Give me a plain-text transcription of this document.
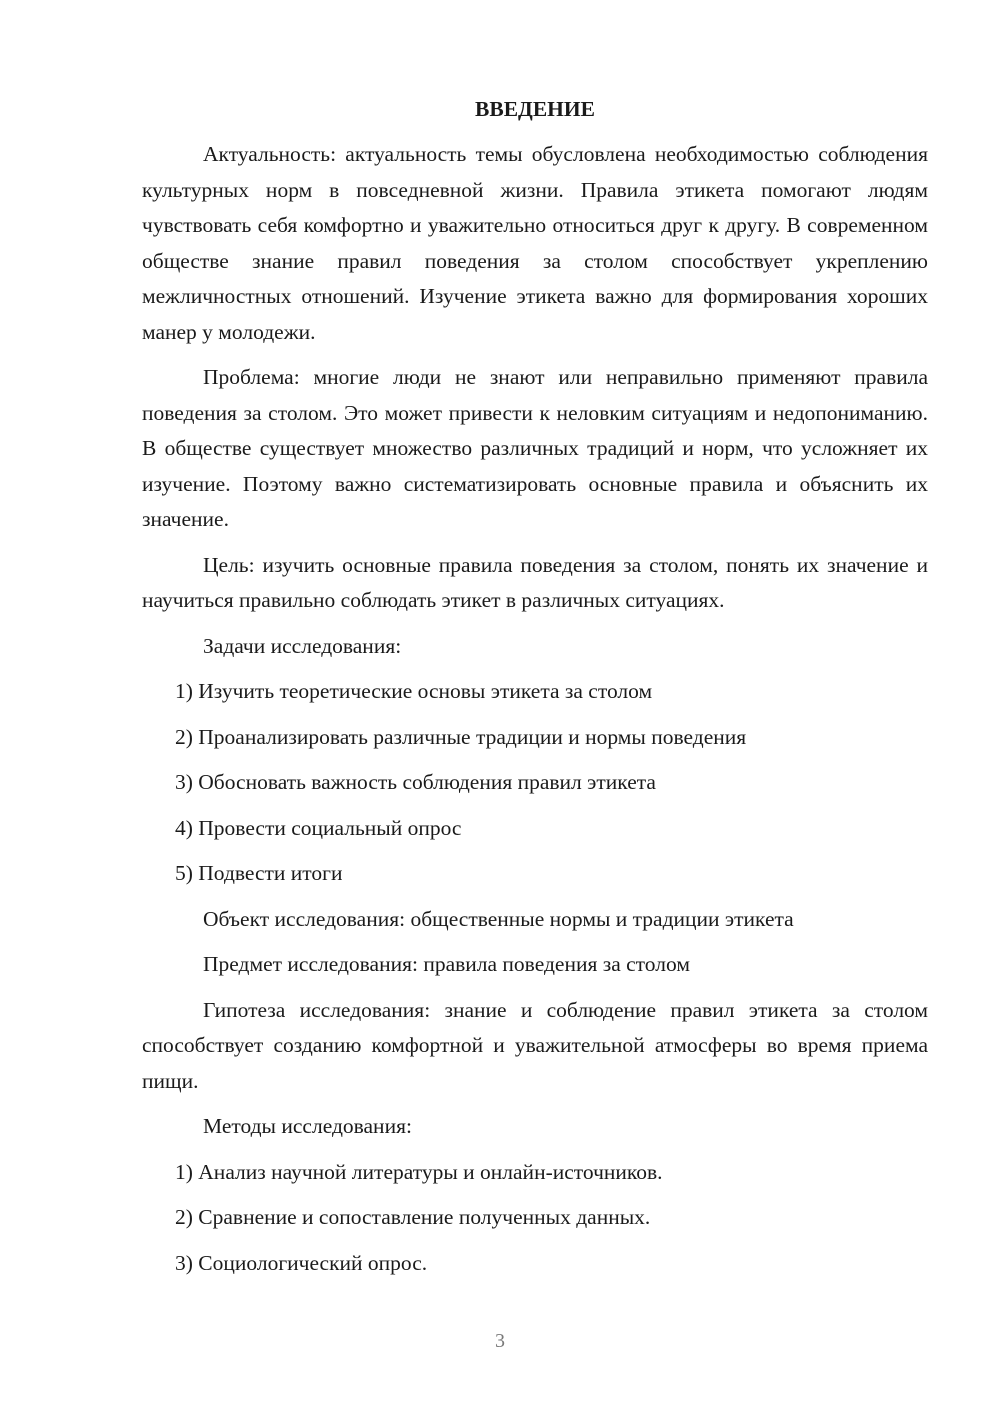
ВВЕДЕНИЕ

Актуальность: актуальность темы обусловлена необходимостью соблюдения культурных норм в повседневной жизни. Правила этикета помогают людям чувствовать себя комфортно и уважительно относиться друг к другу. В современном обществе знание правил поведения за столом способствует укреплению межличностных отношений. Изучение этикета важно для формирования хороших манер у молодежи.

Проблема: многие люди не знают или неправильно применяют правила поведения за столом. Это может привести к неловким ситуациям и недопониманию. В обществе существует множество различных традиций и норм, что усложняет их изучение. Поэтому важно систематизировать основные правила и объяснить их значение.

Цель: изучить основные правила поведения за столом, понять их значение и научиться правильно соблюдать этикет в различных ситуациях.

Задачи исследования:
1) Изучить теоретические основы этикета за столом
2) Проанализировать различные традиции и нормы поведения
3) Обосновать важность соблюдения правил этикета
4) Провести социальный опрос
5) Подвести итоги
Объект исследования: общественные нормы и традиции этикета
Предмет исследования: правила поведения за столом

Гипотеза исследования: знание и соблюдение правил этикета за столом способствует созданию комфортной и уважительной атмосферы во время приема пищи.

Методы исследования:
1) Анализ научной литературы и онлайн-источников.
2) Сравнение и сопоставление полученных данных.
3) Социологический опрос.
3
